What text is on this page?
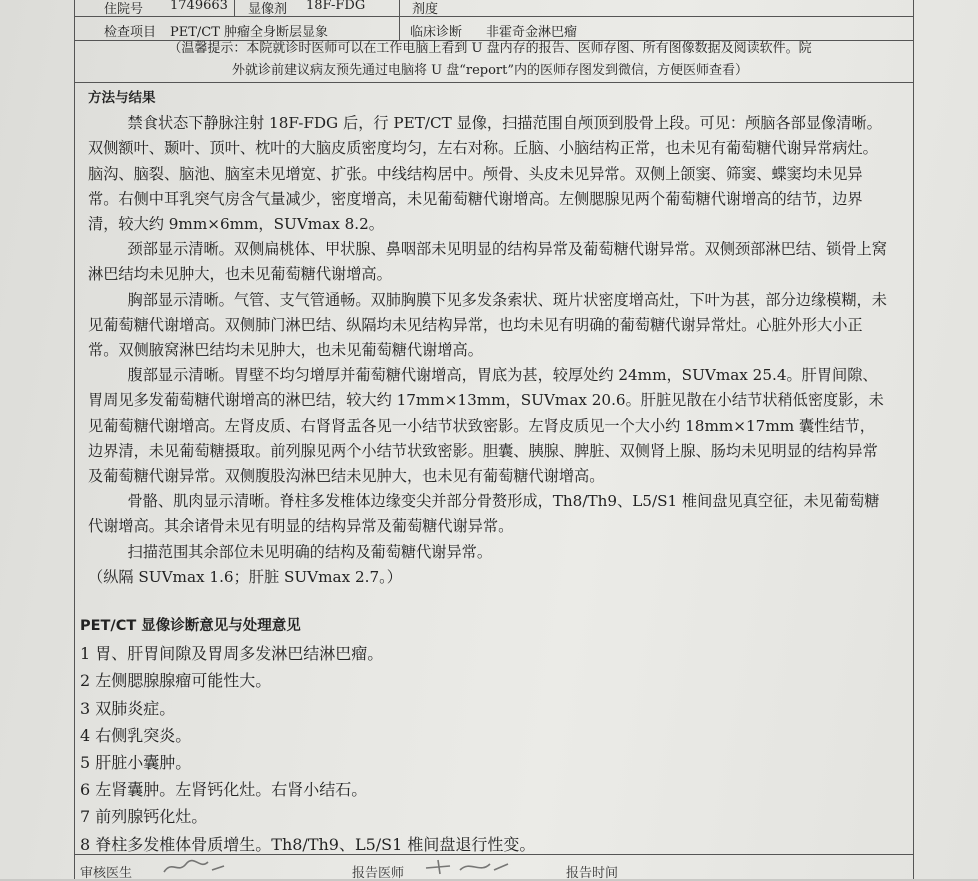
住院号 1749663 显像剂 18F-FDG	剂度
检查项目 PET/CT 肿瘤全身断层显象	临床诊断 非霍奇金淋巴瘤
（温馨提示：本院就诊时医师可以在工作电脑上看到 U 盘内存的报告、医师存图、所有图像数据及阅读软件。院
外就诊前建议病友预先通过电脑将 U 盘“report”内的医师存图发到微信，方便医师查看）
方法与结果

禁食状态下静脉注射 18F-FDG 后，行 PET/CT 显像，扫描范围自颅顶到股骨上段。可见：颅脑各部显像清晰。双侧额叶、颞叶、顶叶、枕叶的大脑皮质密度均匀，左右对称。丘脑、小脑结构正常，也未见有葡萄糖代谢异常病灶。脑沟、脑裂、脑池、脑室未见增宽、扩张。中线结构居中。颅骨、头皮未见异常。双侧上颌窦、筛窦、蝶窦均未见异常。右侧中耳乳突气房含气量减少，密度增高，未见葡萄糖代谢增高。左侧腮腺见两个葡萄糖代谢增高的结节，边界清，较大约 9mm×6mm，SUVmax 8.2。

颈部显示清晰。双侧扁桃体、甲状腺、鼻咽部未见明显的结构异常及葡萄糖代谢异常。双侧颈部淋巴结、锁骨上窝淋巴结均未见肿大，也未见葡萄糖代谢增高。

胸部显示清晰。气管、支气管通畅。双肺胸膜下见多发条索状、斑片状密度增高灶，下叶为甚，部分边缘模糊，未见葡萄糖代谢增高。双侧肺门淋巴结、纵隔均未见结构异常，也均未见有明确的葡萄糖代谢异常灶。心脏外形大小正常。双侧腋窝淋巴结均未见肿大，也未见葡萄糖代谢增高。

腹部显示清晰。胃壁不均匀增厚并葡萄糖代谢增高，胃底为甚，较厚处约 24mm，SUVmax 25.4。肝胃间隙、胃周见多发葡萄糖代谢增高的淋巴结，较大约 17mm×13mm，SUVmax 20.6。肝脏见散在小结节状稍低密度影，未见葡萄糖代谢增高。左肾皮质、右肾肾盂各见一小结节状致密影。左肾皮质见一个大小约 18mm×17mm 囊性结节，边界清，未见葡萄糖摄取。前列腺见两个小结节状致密影。胆囊、胰腺、脾脏、双侧肾上腺、肠均未见明显的结构异常及葡萄糖代谢异常。双侧腹股沟淋巴结未见肿大，也未见有葡萄糖代谢增高。

骨骼、肌肉显示清晰。脊柱多发椎体边缘变尖并部分骨赘形成，Th8/Th9、L5/S1 椎间盘见真空征，未见葡萄糖代谢增高。其余诸骨未见有明显的结构异常及葡萄糖代谢异常。

扫描范围其余部位未见明确的结构及葡萄糖代谢异常。

（纵隔 SUVmax 1.6；肝脏 SUVmax 2.7。）

PET/CT 显像诊断意见与处理意见
1 胃、肝胃间隙及胃周多发淋巴结淋巴瘤。
2 左侧腮腺腺瘤可能性大。
3 双肺炎症。
4 右侧乳突炎。
5 肝脏小囊肿。
6 左肾囊肿。左肾钙化灶。右肾小结石。
7 前列腺钙化灶。
8 脊柱多发椎体骨质增生。Th8/Th9、L5/S1 椎间盘退行性变。
审核医生	报告医师	报告时间
